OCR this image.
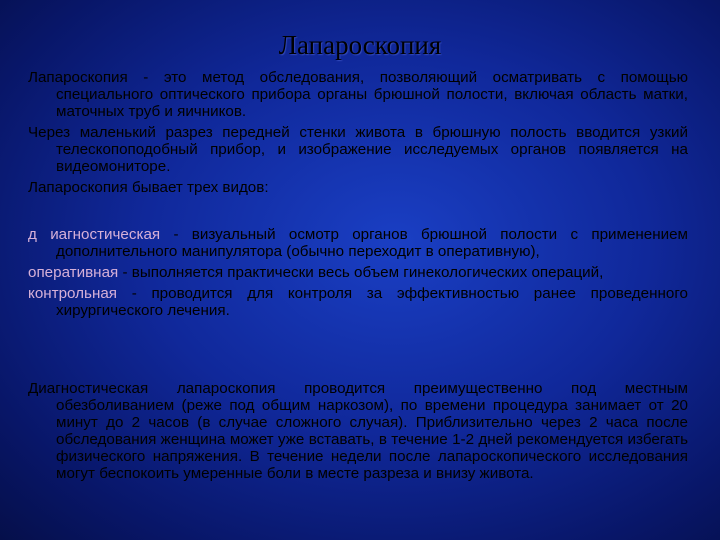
Лапароскопия

Лапароскопия - это метод обследования, позволяющий осматривать с помощью специального оптического прибора органы брюшной полости, включая область матки, маточных труб и яичников.

Через маленький разрез передней стенки живота в брюшную полость вводится узкий телескопоподобный прибор, и изображение исследуемых органов появляется на видеомониторе.

Лапароскопия бывает трех видов:

д иагностическая - визуальный осмотр органов брюшной полости с применением дополнительного манипулятора (обычно переходит в оперативную),

оперативная - выполняется практически весь объем гинекологических операций,

контрольная - проводится для контроля за эффективностью ранее проведенного хирургического лечения.

Диагностическая лапароскопия проводится преимущественно под местным обезболиванием (реже под общим наркозом), по времени процедура занимает от 20 минут до 2 часов (в случае сложного случая). Приблизительно через 2 часа после обследования женщина может уже вставать, в течение 1-2 дней рекомендуется избегать физического напряжения. В течение недели после лапароскопического исследования могут беспокоить умеренные боли в месте разреза и внизу живота.
